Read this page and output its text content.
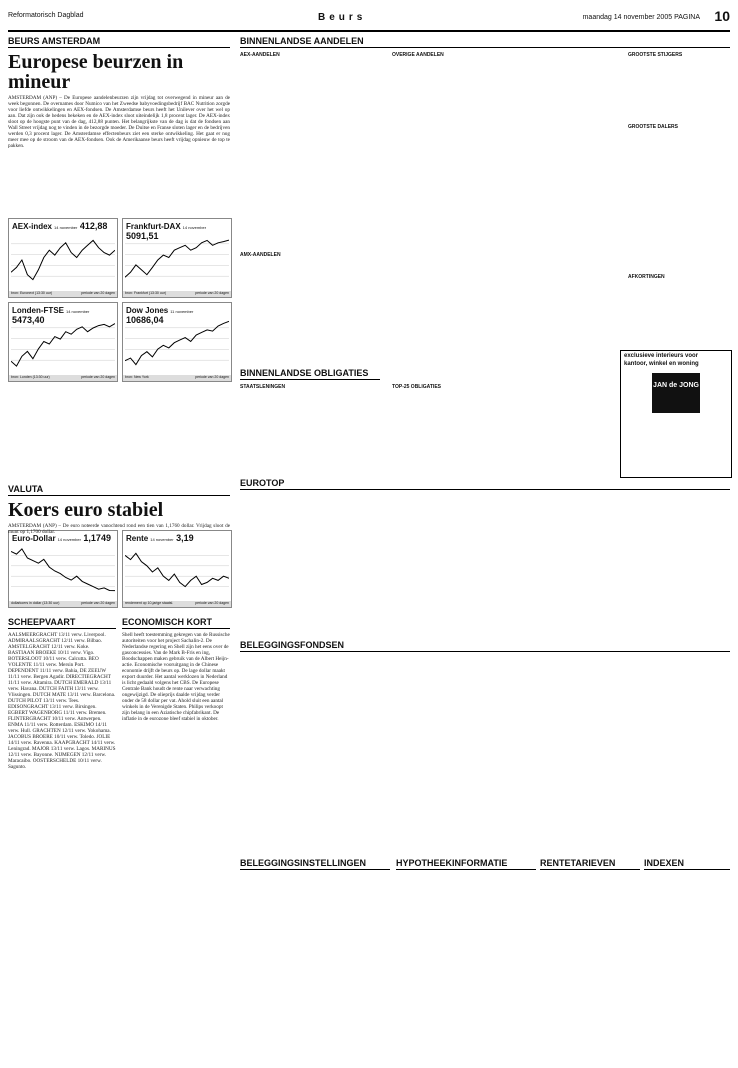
Reformatorisch Dagblad	Beurs	maandag 14 november 2005 PAGINA 10
BEURS AMSTERDAM
Europese beurzen in mineur
AMSTERDAM (ANP) – De Europese aandelenbeurzen zijn vrijdag tot overwegend in mineur aan de week begonnen. De overnames door Numico van het Zweedse babyvoedingsbedrijf BAC Nutrition zorgde voor liefde ontwikkelingen en AEX-fondsen. De Amsterdamse beurs heeft het Unilever over het wel op aan. Dat zijn ook de hedens bekeken en de AEX-index sloot uiteindelijk 1,8 procent lager. De AEX-index sloot op de hoogste punt van de dag, 412,88 punten. Het belangrijkste van de dag is dat de fondsen aan Wall Street vrijdag nog te vinden in de bezorgde moeder. De Duitse en Franse sloten lager en de bedrijven werden 0,3 procent lager. De Amsterdamse effectenbeurs ziet een sterke ontwikkeling. Het gaat er nog meer mee op de stroom van de AEX-fondsen. Ook de Amerikaanse beurs heeft vrijdag opnieuw de top te pakken.
AEX-index 14 november 412,88
bron: Euronext (13:30 uur)	periode van 20 dagen
Frankfurt-DAX 14 november 5091,51
bron: Frankfurt (13:30 uur)	periode van 20 dagen
Londen-FTSE 14 november 5473,40
bron: Londen (13:30 uur)	periode van 20 dagen
Dow Jones 11 november 10686,04
bron: New York	periode van 20 dagen
Euro-Dollar 14 november 1,1749
dollarkoers in dollar (13:30 uur)	periode van 20 dagen
Rente 14 november 3,19
rendement op 10-jarige staatsl.	periode van 20 dagen
VALUTA
Koers euro stabiel
AMSTERDAM (ANP) – De euro noteerde vanochtend rond een tien van 1,1760 dollar. Vrijdag sloot de munt op 1,1700 dollar.
SCHEEPVAART
AALSMEERGRACHT 13/11 verw. Liverpool. ADMIRAALSGRACHT 12/11 verw. Bilbao. AMSTELGRACHT 12/11 verw. Koke. BASTIAAN BROEKE 10/11 verw. Vigo. BOTERSLOOT 10/11 verw. Calcutta. BEO VOLENTE 11/11 verw. Mersin Port. DEPENDENT 11/11 verw. Bahia, DE ZEEUW 11/11 verw. Bergen Agadir. DIRECTIEGRACHT 11/11 verw. Altamira. DUTCH EMERALD 13/11 verw. Havana. DUTCH FAITH 13/11 verw. Vlissingen. DUTCH MATE 13/11 verw. Barcelona. DUTCH PILOT 13/11 verw. Tees. EDISONGRACHT 13/11 verw. Birsingen. EGBERT WAGENBORG 11/11 verw. Bremen. FLINTERGRACHT 10/11 verw. Antwerpen. ENMA 11/11 verw. Rotterdam. ESKIMO 14/11 verw. Hull. GRACHTEN 12/11 verw. Yokohama. JACOBUS BROERE 10/11 verw. Toledo. JOLIE 14/11 verw. Ravenna. KAAPGRACHT 14/11 verw. Leningrad. MAJOR 13/11 verw. Lagos. MARINUS 12/11 verw. Bayonne. NIJMEGEN 12/11 verw. Maracaibo. OOSTERSCHELDE 10/11 verw. Sagunto.
ECONOMISCH KORT
Shell heeft toestemming gekregen van de Russische autoriteiten voor het project Sachalin-2. De Nederlandse regering en Shell zijn het eens over de gasconcessies. Van de Mark B-Fris en ing, Boodschappen maken gebruik van de Albert Heijn-actie. Economische vooruitgang in de Chinese economie drijft de beurs op. De lage dollar maakt export duurder. Het aantal werklozen in Nederland is licht gedaald volgens het CBS. De Europese Centrale Bank houdt de rente naar verwachting ongewijzigd. De olieprijs daalde vrijdag verder onder de 58 dollar per vat. Ahold sluit een aantal winkels in de Verenigde Staten. Philips verkoopt zijn belang in een Aziatische chipfabrikant. De inflatie in de eurozone bleef stabiel in oktober.
BINNENLANDSE AANDELEN
AEX-AANDELEN
AMX-AANDELEN
OVERIGE AANDELEN	GROOTSTE STIJGERS
GROOTSTE DALERS
AFKORTINGEN
BINNENLANDSE OBLIGATIES
STAATSLENINGEN	TOP-25 OBLIGATIES
exclusieve interieurs voor
kantoor, winkel en woning
JAN de JONG
EUROTOP
BELEGGINGSFONDSEN
BELEGGINGSINSTELLINGEN	HYPOTHEEKINFORMATIE	RENTETARIEVEN	INDEXEN
